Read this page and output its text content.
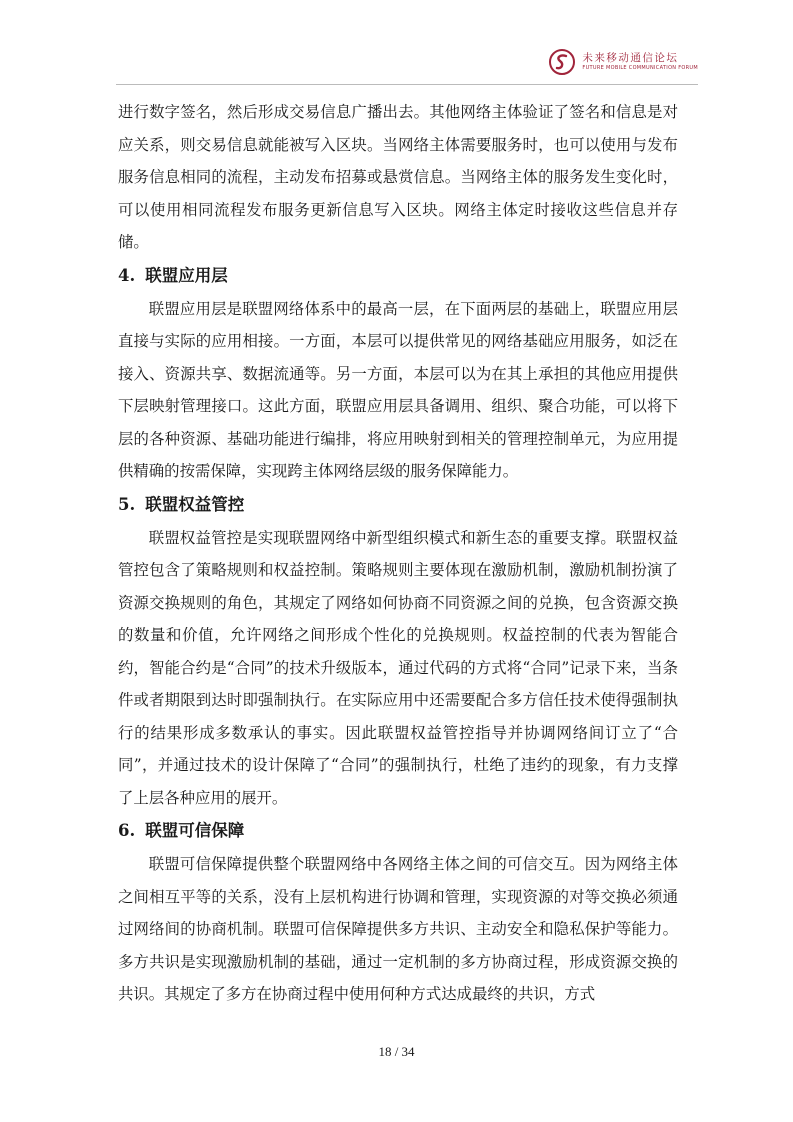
未来移动通信论坛
FUTURE MOBILE COMMUNICATION FORUM

进行数字签名，然后形成交易信息广播出去。其他网络主体验证了签名和信息是对应关系，则交易信息就能被写入区块。当网络主体需要服务时，也可以使用与发布服务信息相同的流程，主动发布招募或悬赏信息。当网络主体的服务发生变化时，可以使用相同流程发布服务更新信息写入区块。网络主体定时接收这些信息并存储。

4. 联盟应用层

联盟应用层是联盟网络体系中的最高一层，在下面两层的基础上，联盟应用层直接与实际的应用相接。一方面，本层可以提供常见的网络基础应用服务，如泛在接入、资源共享、数据流通等。另一方面，本层可以为在其上承担的其他应用提供下层映射管理接口。这此方面，联盟应用层具备调用、组织、聚合功能，可以将下层的各种资源、基础功能进行编排，将应用映射到相关的管理控制单元，为应用提供精确的按需保障，实现跨主体网络层级的服务保障能力。

5. 联盟权益管控

联盟权益管控是实现联盟网络中新型组织模式和新生态的重要支撑。联盟权益管控包含了策略规则和权益控制。策略规则主要体现在激励机制，激励机制扮演了资源交换规则的角色，其规定了网络如何协商不同资源之间的兑换，包含资源交换的数量和价值，允许网络之间形成个性化的兑换规则。权益控制的代表为智能合约，智能合约是“合同”的技术升级版本，通过代码的方式将“合同”记录下来，当条件或者期限到达时即强制执行。在实际应用中还需要配合多方信任技术使得强制执行的结果形成多数承认的事实。因此联盟权益管控指导并协调网络间订立了“合同”，并通过技术的设计保障了“合同”的强制执行，杜绝了违约的现象，有力支撑了上层各种应用的展开。

6. 联盟可信保障

联盟可信保障提供整个联盟网络中各网络主体之间的可信交互。因为网络主体之间相互平等的关系，没有上层机构进行协调和管理，实现资源的对等交换必须通过网络间的协商机制。联盟可信保障提供多方共识、主动安全和隐私保护等能力。多方共识是实现激励机制的基础，通过一定机制的多方协商过程，形成资源交换的共识。其规定了多方在协商过程中使用何种方式达成最终的共识，方式

18 / 34
